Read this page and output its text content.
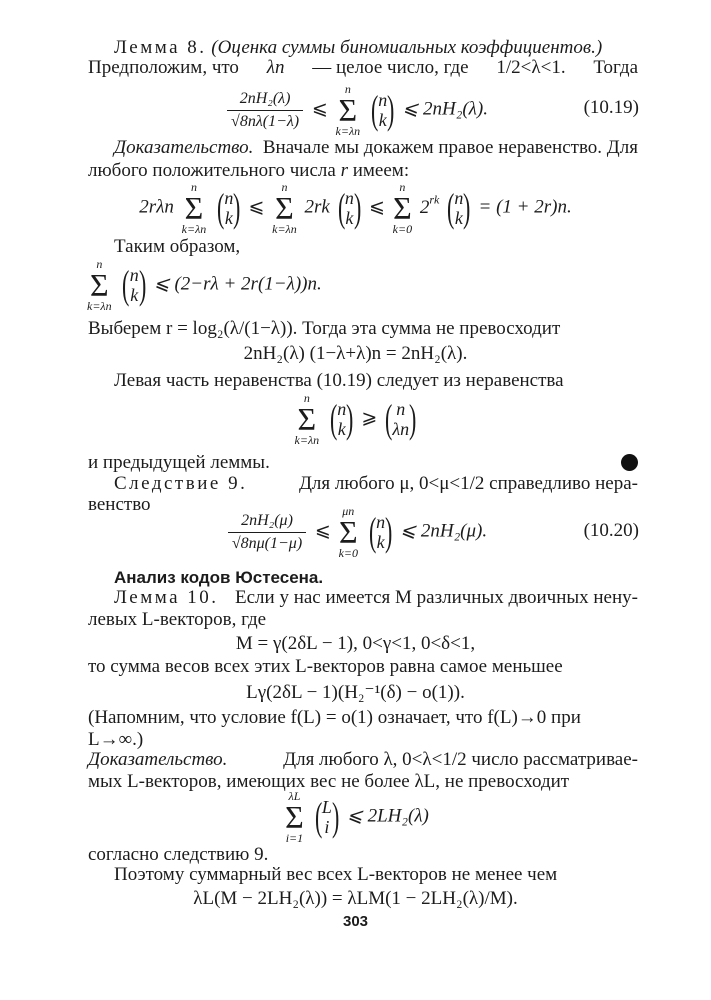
Лемма 8. (Оценка суммы биномиальных коэффициентов.)
Предположим, что λn — целое число, где 1/2<λ<1. Тогда
$\frac{\text{2nH₂(λ)}}{√8n\lambda(1-\lambda)}$ ⩽
n
Σ
k=λn
( n
k ) ⩽ 2nH₂(λ).	(10.19)
Доказательство. Вначале мы докажем правое неравенство. Для
любого положительного числа r имеем:
2rλn
n
Σ
k=λn
( n
k ) ⩽
n
Σ
k=λn
2rk ( n
k ) ⩽
n
Σ
k=0
$2^{rk}$ ( n
k ) = (1 + 2r)n.
Таким образом,
n
Σ
k=λn
( n
k ) ⩽ (2−rλ + 2r(1−λ))n.
Выберем r = log₂(λ/(1−λ)). Тогда эта сумма не превосходит
2nH₂(λ) (1−λ+λ)n = 2nH₂(λ).
Левая часть неравенства (10.19) следует из неравенства
n
Σ
k=λn
( n
k ) ⩾ ( n
λn )
и предыдущей леммы.
Следствие 9.	Для любого μ, 0<μ<1/2 справедливо нера-
венство
$\frac{\text{2nH₂(μ)}}{√8n\mu(1-\mu)}$ ⩽
μn
Σ
k=0
( n
k ) ⩽ 2nH₂(μ).	(10.20)
Анализ кодов Юстесена.
Лемма 10. Если у нас имеется M различных двоичных нену-
левых L-векторов, где
M = γ(2δL − 1), 0<γ<1, 0<δ<1,
то сумма весов всех этих L-векторов равна самое меньшее
Lγ(2δL − 1)(H₂⁻¹(δ) − o(1)).
(Напомним, что условие f(L) = o(1) означает, что f(L)→0 при
L→∞.)
Доказательство.	Для любого λ, 0<λ<1/2 число рассматривае-
мых L-векторов, имеющих вес не более λL, не превосходит
λL
Σ
i=1
( L
i ) ⩽ 2LH₂(λ)
согласно следствию 9.
Поэтому суммарный вес всех L-векторов не менее чем
λL(M − 2LH₂(λ)) = λLM(1 − 2LH₂(λ)/M).
303
